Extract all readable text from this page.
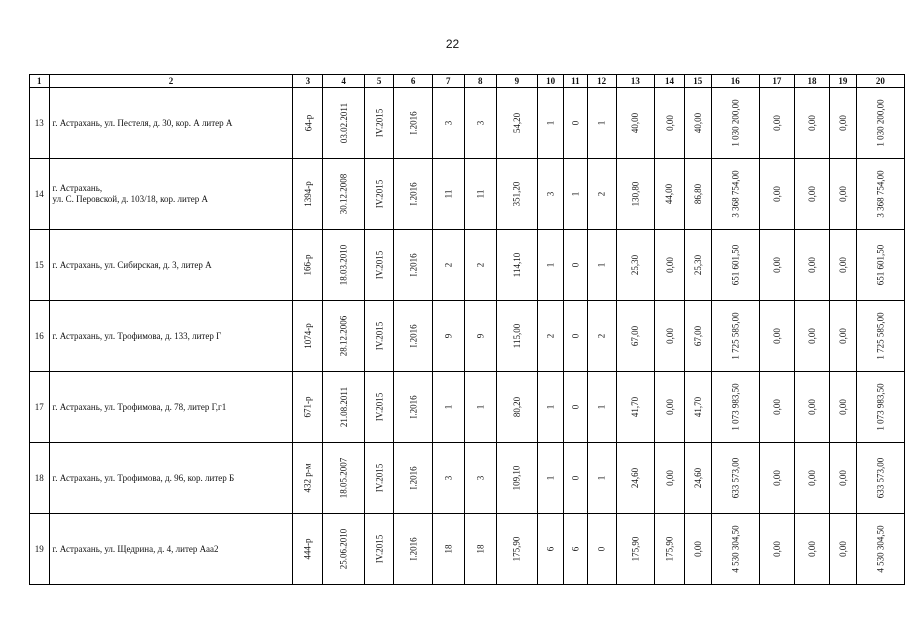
22
1	2	3	4	5	6	7	8	9	10	11	12	13	14	15	16	17	18	19	20
13	г. Астрахань, ул. Пестеля, д. 30, кор. А литер А	64-р	03.02.2011	IV.2015	I.2016	3	3	54,20	1	0	1	40,00	0,00	40,00	1 030 200,00	0,00	0,00	0,00	1 030 200,00
14	г. Астрахань,
ул. С. Перовской, д. 103/18, кор. литер А	1394-р	30.12.2008	IV.2015	I.2016	11	11	351,20	3	1	2	130,80	44,00	86,80	3 368 754,00	0,00	0,00	0,00	3 368 754,00
15	г. Астрахань, ул. Сибирская, д. 3, литер А	166-р	18.03.2010	IV.2015	I.2016	2	2	114,10	1	0	1	25,30	0,00	25,30	651 601,50	0,00	0,00	0,00	651 601,50
16	г. Астрахань, ул. Трофимова, д. 133, литер Г	1074-р	28.12.2006	IV.2015	I.2016	9	9	115,00	2	0	2	67,00	0,00	67,00	1 725 585,00	0,00	0,00	0,00	1 725 585,00
17	г. Астрахань, ул. Трофимова, д. 78, литер Г,г1	671-р	21.08.2011	IV.2015	I.2016	1	1	80,20	1	0	1	41,70	0,00	41,70	1 073 983,50	0,00	0,00	0,00	1 073 983,50
18	г. Астрахань, ул. Трофимова, д. 96, кор. литер Б	432 р-м	18.05.2007	IV.2015	I.2016	3	3	109,10	1	0	1	24,60	0,00	24,60	633 573,00	0,00	0,00	0,00	633 573,00
19	г. Астрахань, ул. Щедрина, д. 4, литер Ааа2	444-р	25.06.2010	IV.2015	I.2016	18	18	175,90	6	6	0	175,90	175,90	0,00	4 530 304,50	0,00	0,00	0,00	4 530 304,50
